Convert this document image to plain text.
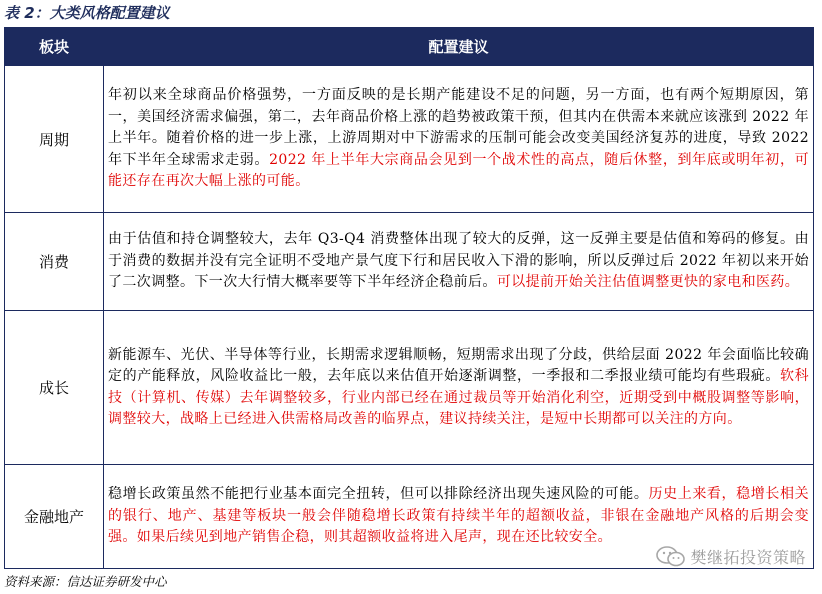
表 2：大类风格配置建议
板块	配置建议
周期	年初以来全球商品价格强势，一方面反映的是长期产能建设不足的问题，另一方面，也有两个短期原因，第一，美国经济需求偏强，第二，去年商品价格上涨的趋势被政策干预，但其内在供需本来就应该涨到 2022 年上半年。随着价格的进一步上涨，上游周期对中下游需求的压制可能会改变美国经济复苏的进度，导致 2022 年下半年全球需求走弱。2022 年上半年大宗商品会见到一个战术性的高点，随后休整，到年底或明年初，可能还存在再次大幅上涨的可能。
消费	由于估值和持仓调整较大，去年 Q3-Q4 消费整体出现了较大的反弹，这一反弹主要是估值和筹码的修复。由于消费的数据并没有完全证明不受地产景气度下行和居民收入下滑的影响，所以反弹过后 2022 年初以来开始了二次调整。下一次大行情大概率要等下半年经济企稳前后。可以提前开始关注估值调整更快的家电和医药。
成长	新能源车、光伏、半导体等行业，长期需求逻辑顺畅，短期需求出现了分歧，供给层面 2022 年会面临比较确定的产能释放，风险收益比一般，去年底以来估值开始逐渐调整，一季报和二季报业绩可能均有些瑕疵。软科技（计算机、传媒）去年调整较多，行业内部已经在通过裁员等开始消化利空，近期受到中概股调整等影响，调整较大，战略上已经进入供需格局改善的临界点，建议持续关注，是短中长期都可以关注的方向。
金融地产	稳增长政策虽然不能把行业基本面完全扭转，但可以排除经济出现失速风险的可能。历史上来看，稳增长相关的银行、地产、基建等板块一般会伴随稳增长政策有持续半年的超额收益，非银在金融地产风格的后期会变强。如果后续见到地产销售企稳，则其超额收益将进入尾声，现在还比较安全。
资料来源：信达证券研发中心
樊继拓投资策略
